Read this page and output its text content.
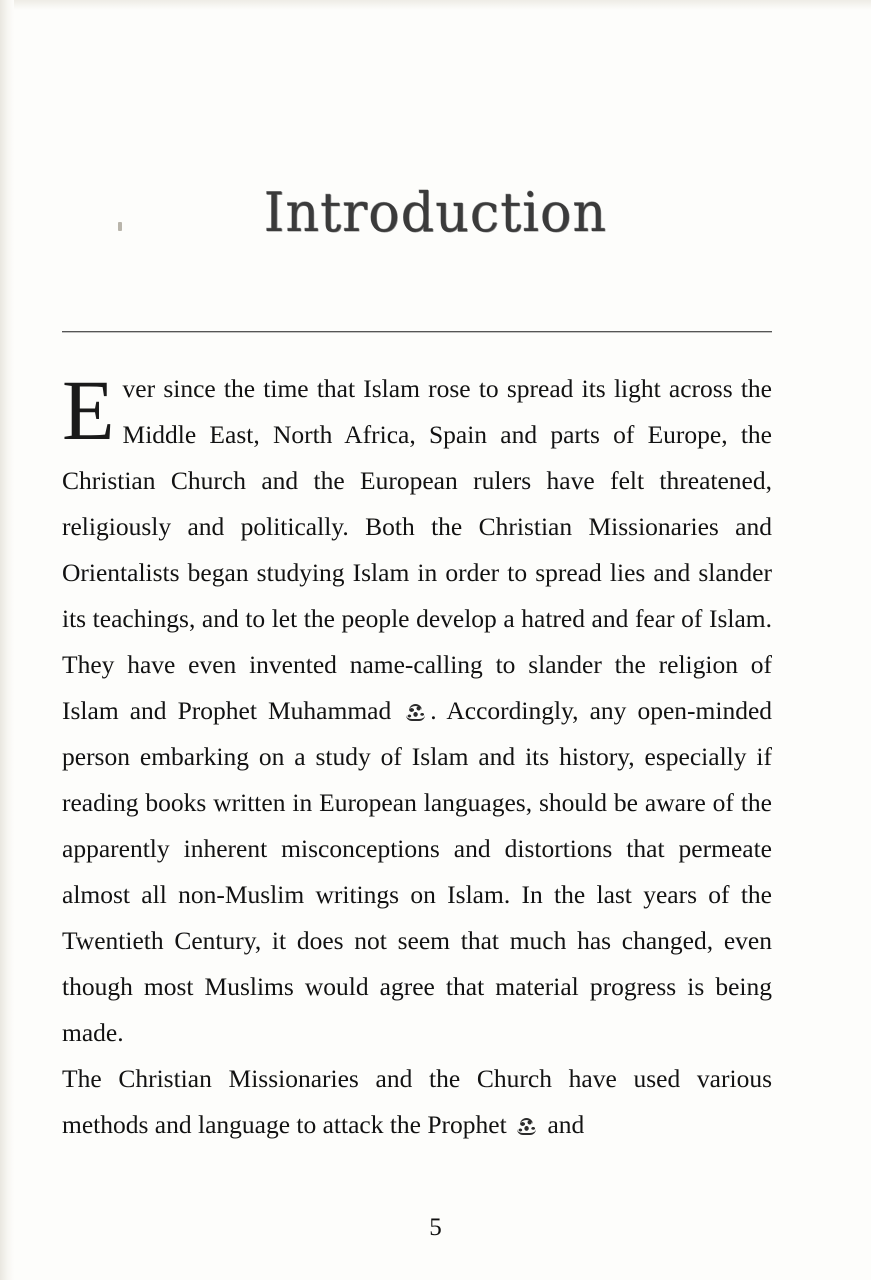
Introduction

Ever since the time that Islam rose to spread its light across the Middle East, North Africa, Spain and parts of Europe, the Christian Church and the European rulers have felt threatened, religiously and politically. Both the Christian Missionaries and Orientalists began studying Islam in order to spread lies and slander its teachings, and to let the people develop a hatred and fear of Islam. They have even invented name-calling to slander the religion of Islam and Prophet Muhammad . Accordingly, any open-minded person embarking on a study of Islam and its history, especially if reading books written in European languages, should be aware of the apparently inherent misconceptions and distortions that permeate almost all non-Muslim writings on Islam. In the last years of the Twentieth Century, it does not seem that much has changed, even though most Muslims would agree that material progress is being made.

The Christian Missionaries and the Church have used various methods and language to attack the Prophet  and

5
